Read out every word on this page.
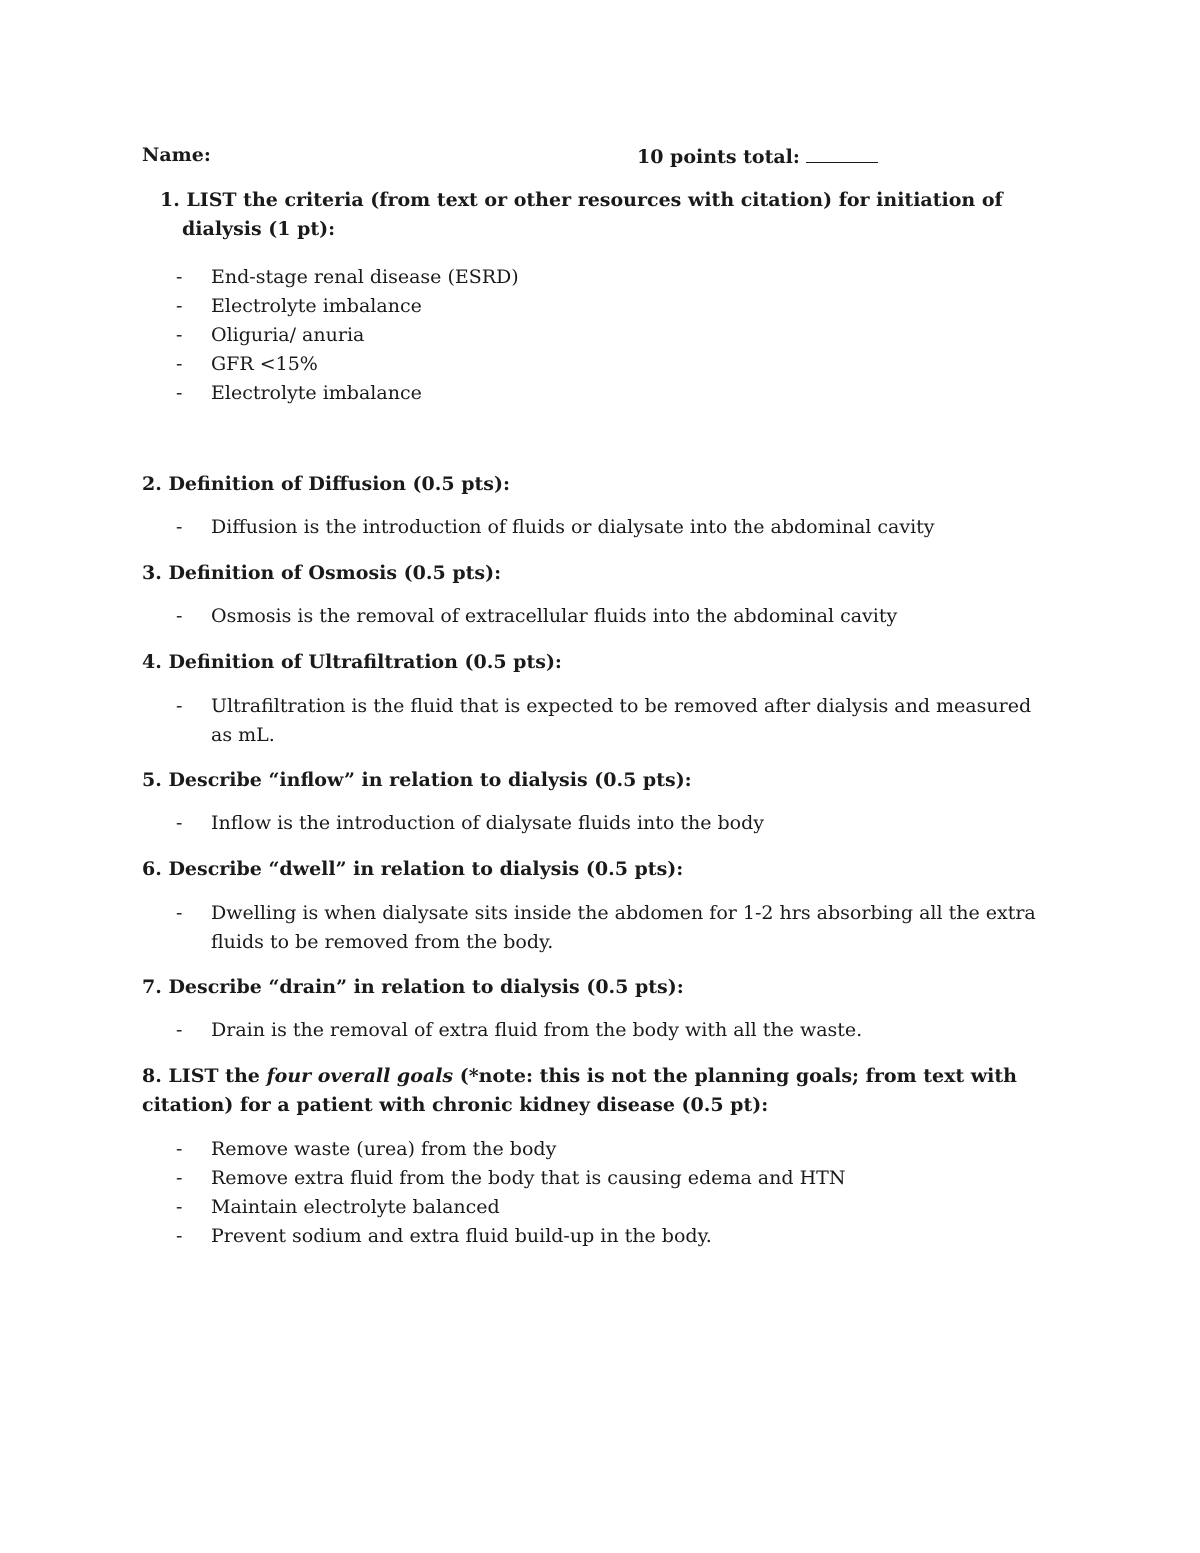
Name:	10 points total:
1. LIST the criteria (from text or other resources with citation) for initiation of dialysis (1 pt):
- End-stage renal disease (ESRD)
- Electrolyte imbalance
- Oliguria/ anuria
- GFR <15%
- Electrolyte imbalance
2. Definition of Diffusion (0.5 pts):
- Diffusion is the introduction of fluids or dialysate into the abdominal cavity
3. Definition of Osmosis (0.5 pts):
- Osmosis is the removal of extracellular fluids into the abdominal cavity
4. Definition of Ultrafiltration (0.5 pts):
- Ultrafiltration is the fluid that is expected to be removed after dialysis and measured as mL.
5. Describe “inflow” in relation to dialysis (0.5 pts):
- Inflow is the introduction of dialysate fluids into the body
6. Describe “dwell” in relation to dialysis (0.5 pts):
- Dwelling is when dialysate sits inside the abdomen for 1-2 hrs absorbing all the extra fluids to be removed from the body.
7. Describe “drain” in relation to dialysis (0.5 pts):
- Drain is the removal of extra fluid from the body with all the waste.
8. LIST the four overall goals (*note: this is not the planning goals; from text with citation) for a patient with chronic kidney disease (0.5 pt):
- Remove waste (urea) from the body
- Remove extra fluid from the body that is causing edema and HTN
- Maintain electrolyte balanced
- Prevent sodium and extra fluid build-up in the body.
